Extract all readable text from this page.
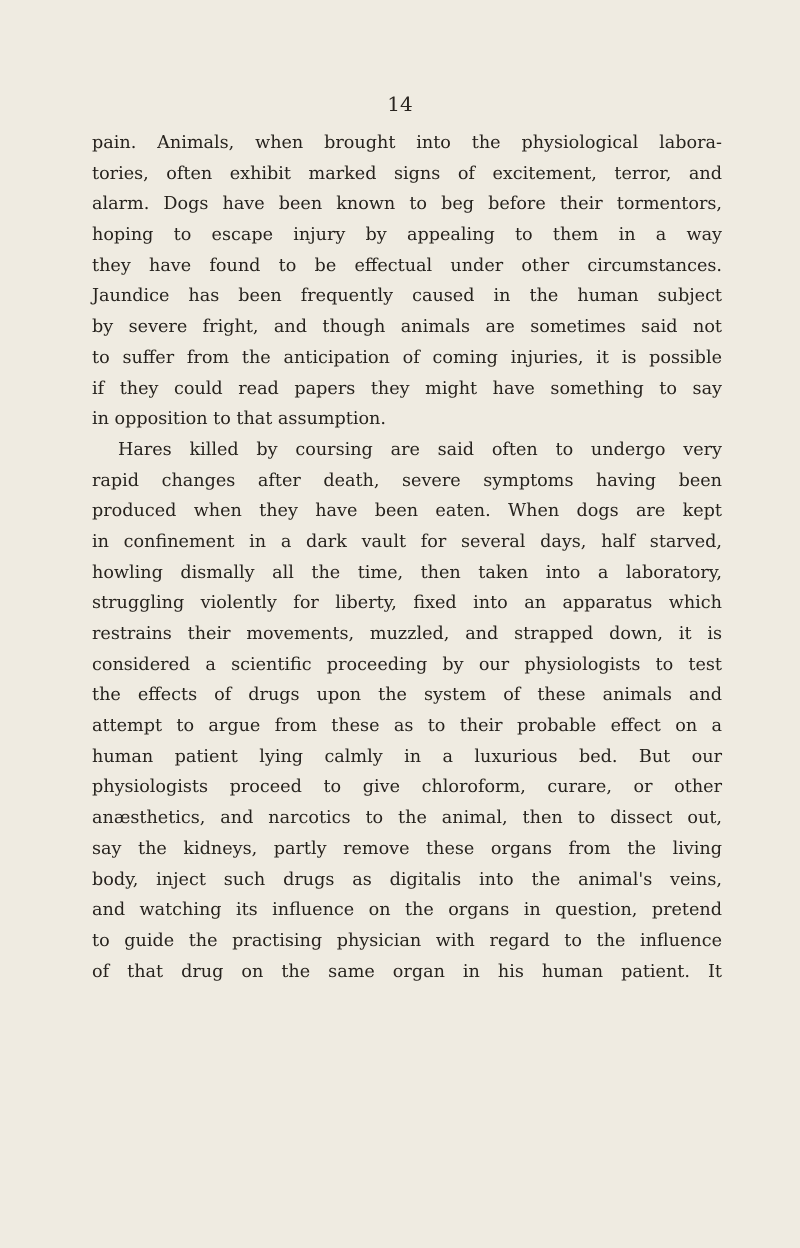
14
pain. Animals, when brought into the physiological labora-
tories, often exhibit marked signs of excitement, terror, and
alarm. Dogs have been known to beg before their tormentors,
hoping to escape injury by appealing to them in a way
they have found to be effectual under other circumstances.
Jaundice has been frequently caused in the human subject
by severe fright, and though animals are sometimes said not
to suffer from the anticipation of coming injuries, it is possible
if they could read papers they might have something to say
in opposition to that assumption.
Hares killed by coursing are said often to undergo very
rapid changes after death, severe symptoms having been
produced when they have been eaten. When dogs are kept
in confinement in a dark vault for several days, half starved,
howling dismally all the time, then taken into a laboratory,
struggling violently for liberty, fixed into an apparatus which
restrains their movements, muzzled, and strapped down, it is
considered a scientific proceeding by our physiologists to test
the effects of drugs upon the system of these animals and
attempt to argue from these as to their probable effect on a
human patient lying calmly in a luxurious bed. But our
physiologists proceed to give chloroform, curare, or other
anæsthetics, and narcotics to the animal, then to dissect out,
say the kidneys, partly remove these organs from the living
body, inject such drugs as digitalis into the animal's veins,
and watching its influence on the organs in question, pretend
to guide the practising physician with regard to the influence
of that drug on the same organ in his human patient. It
